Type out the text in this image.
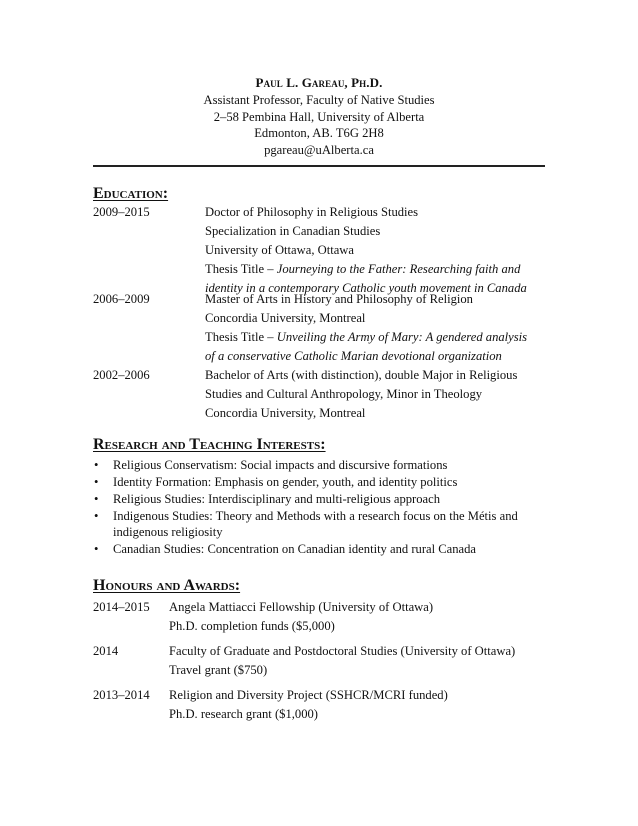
Paul L. Gareau, Ph.D.
Assistant Professor, Faculty of Native Studies
2–58 Pembina Hall, University of Alberta
Edmonton, AB. T6G 2H8
pgareau@uAlberta.ca
Education:
2009–2015	Doctor of Philosophy in Religious Studies
Specialization in Canadian Studies
University of Ottawa, Ottawa
Thesis Title – Journeying to the Father: Researching faith and
identity in a contemporary Catholic youth movement in Canada
2006–2009	Master of Arts in History and Philosophy of Religion
Concordia University, Montreal
Thesis Title – Unveiling the Army of Mary: A gendered analysis
of a conservative Catholic Marian devotional organization
2002–2006	Bachelor of Arts (with distinction), double Major in Religious
Studies and Cultural Anthropology, Minor in Theology
Concordia University, Montreal
Research and Teaching Interests:
• Religious Conservatism: Social impacts and discursive formations
• Identity Formation: Emphasis on gender, youth, and identity politics
• Religious Studies: Interdisciplinary and multi-religious approach
• Indigenous Studies: Theory and Methods with a research focus on the Métis and
indigenous religiosity
• Canadian Studies: Concentration on Canadian identity and rural Canada
Honours and Awards:
2014–2015 Angela Mattiacci Fellowship (University of Ottawa)
Ph.D. completion funds ($5,000)
2014	Faculty of Graduate and Postdoctoral Studies (University of Ottawa)
Travel grant ($750)
2013–2014 Religion and Diversity Project (SSHCR/MCRI funded)
Ph.D. research grant ($1,000)
